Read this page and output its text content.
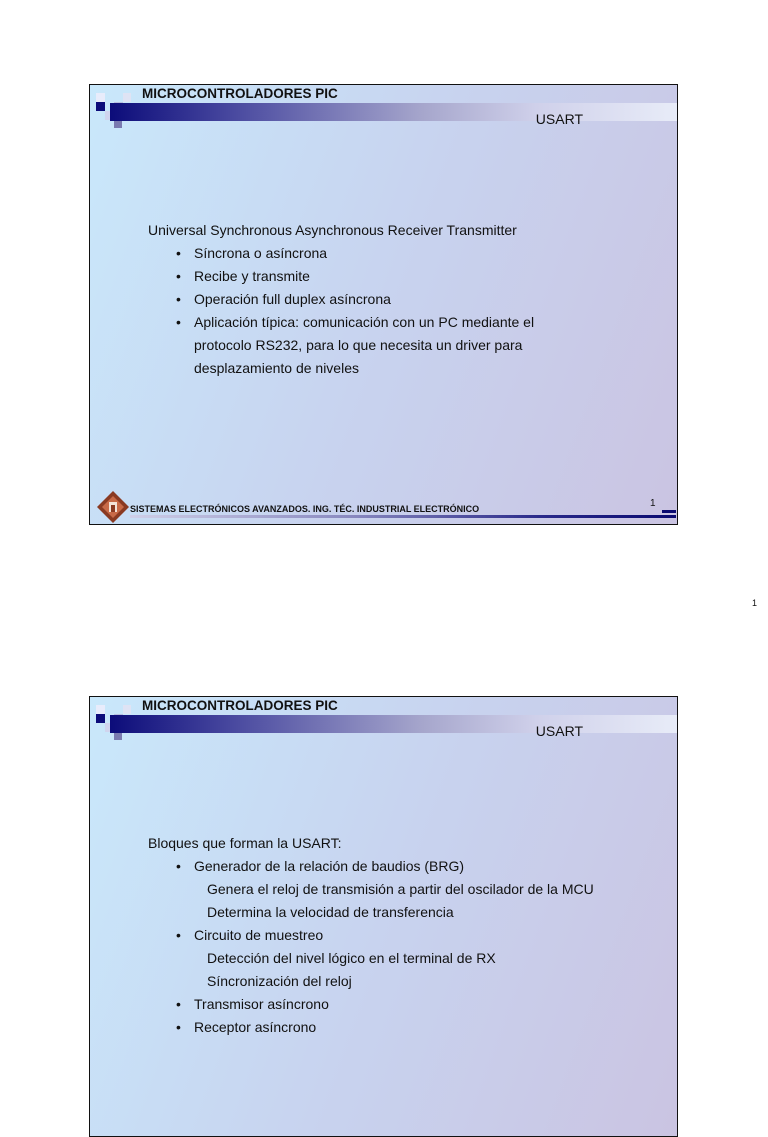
MICROCONTROLADORES PIC
USART

Universal Synchronous Asynchronous Receiver Transmitter

• Síncrona o asíncrona
• Recibe y transmite
• Operación full duplex asíncrona
• Aplicación típica: comunicación con un PC mediante el
protocolo RS232, para lo que necesita un driver para
desplazamiento de niveles
SISTEMAS ELECTRÓNICOS AVANZADOS. ING. TÉC. INDUSTRIAL ELECTRÓNICO	1
1
MICROCONTROLADORES PIC
USART

Bloques que forman la USART:

• Generador de la relación de baudios (BRG)
Genera el reloj de transmisión a partir del oscilador de la MCU
Determina la velocidad de transferencia
• Circuito de muestreo
Detección del nivel lógico en el terminal de RX
Síncronización del reloj
• Transmisor asíncrono
• Receptor asíncrono
